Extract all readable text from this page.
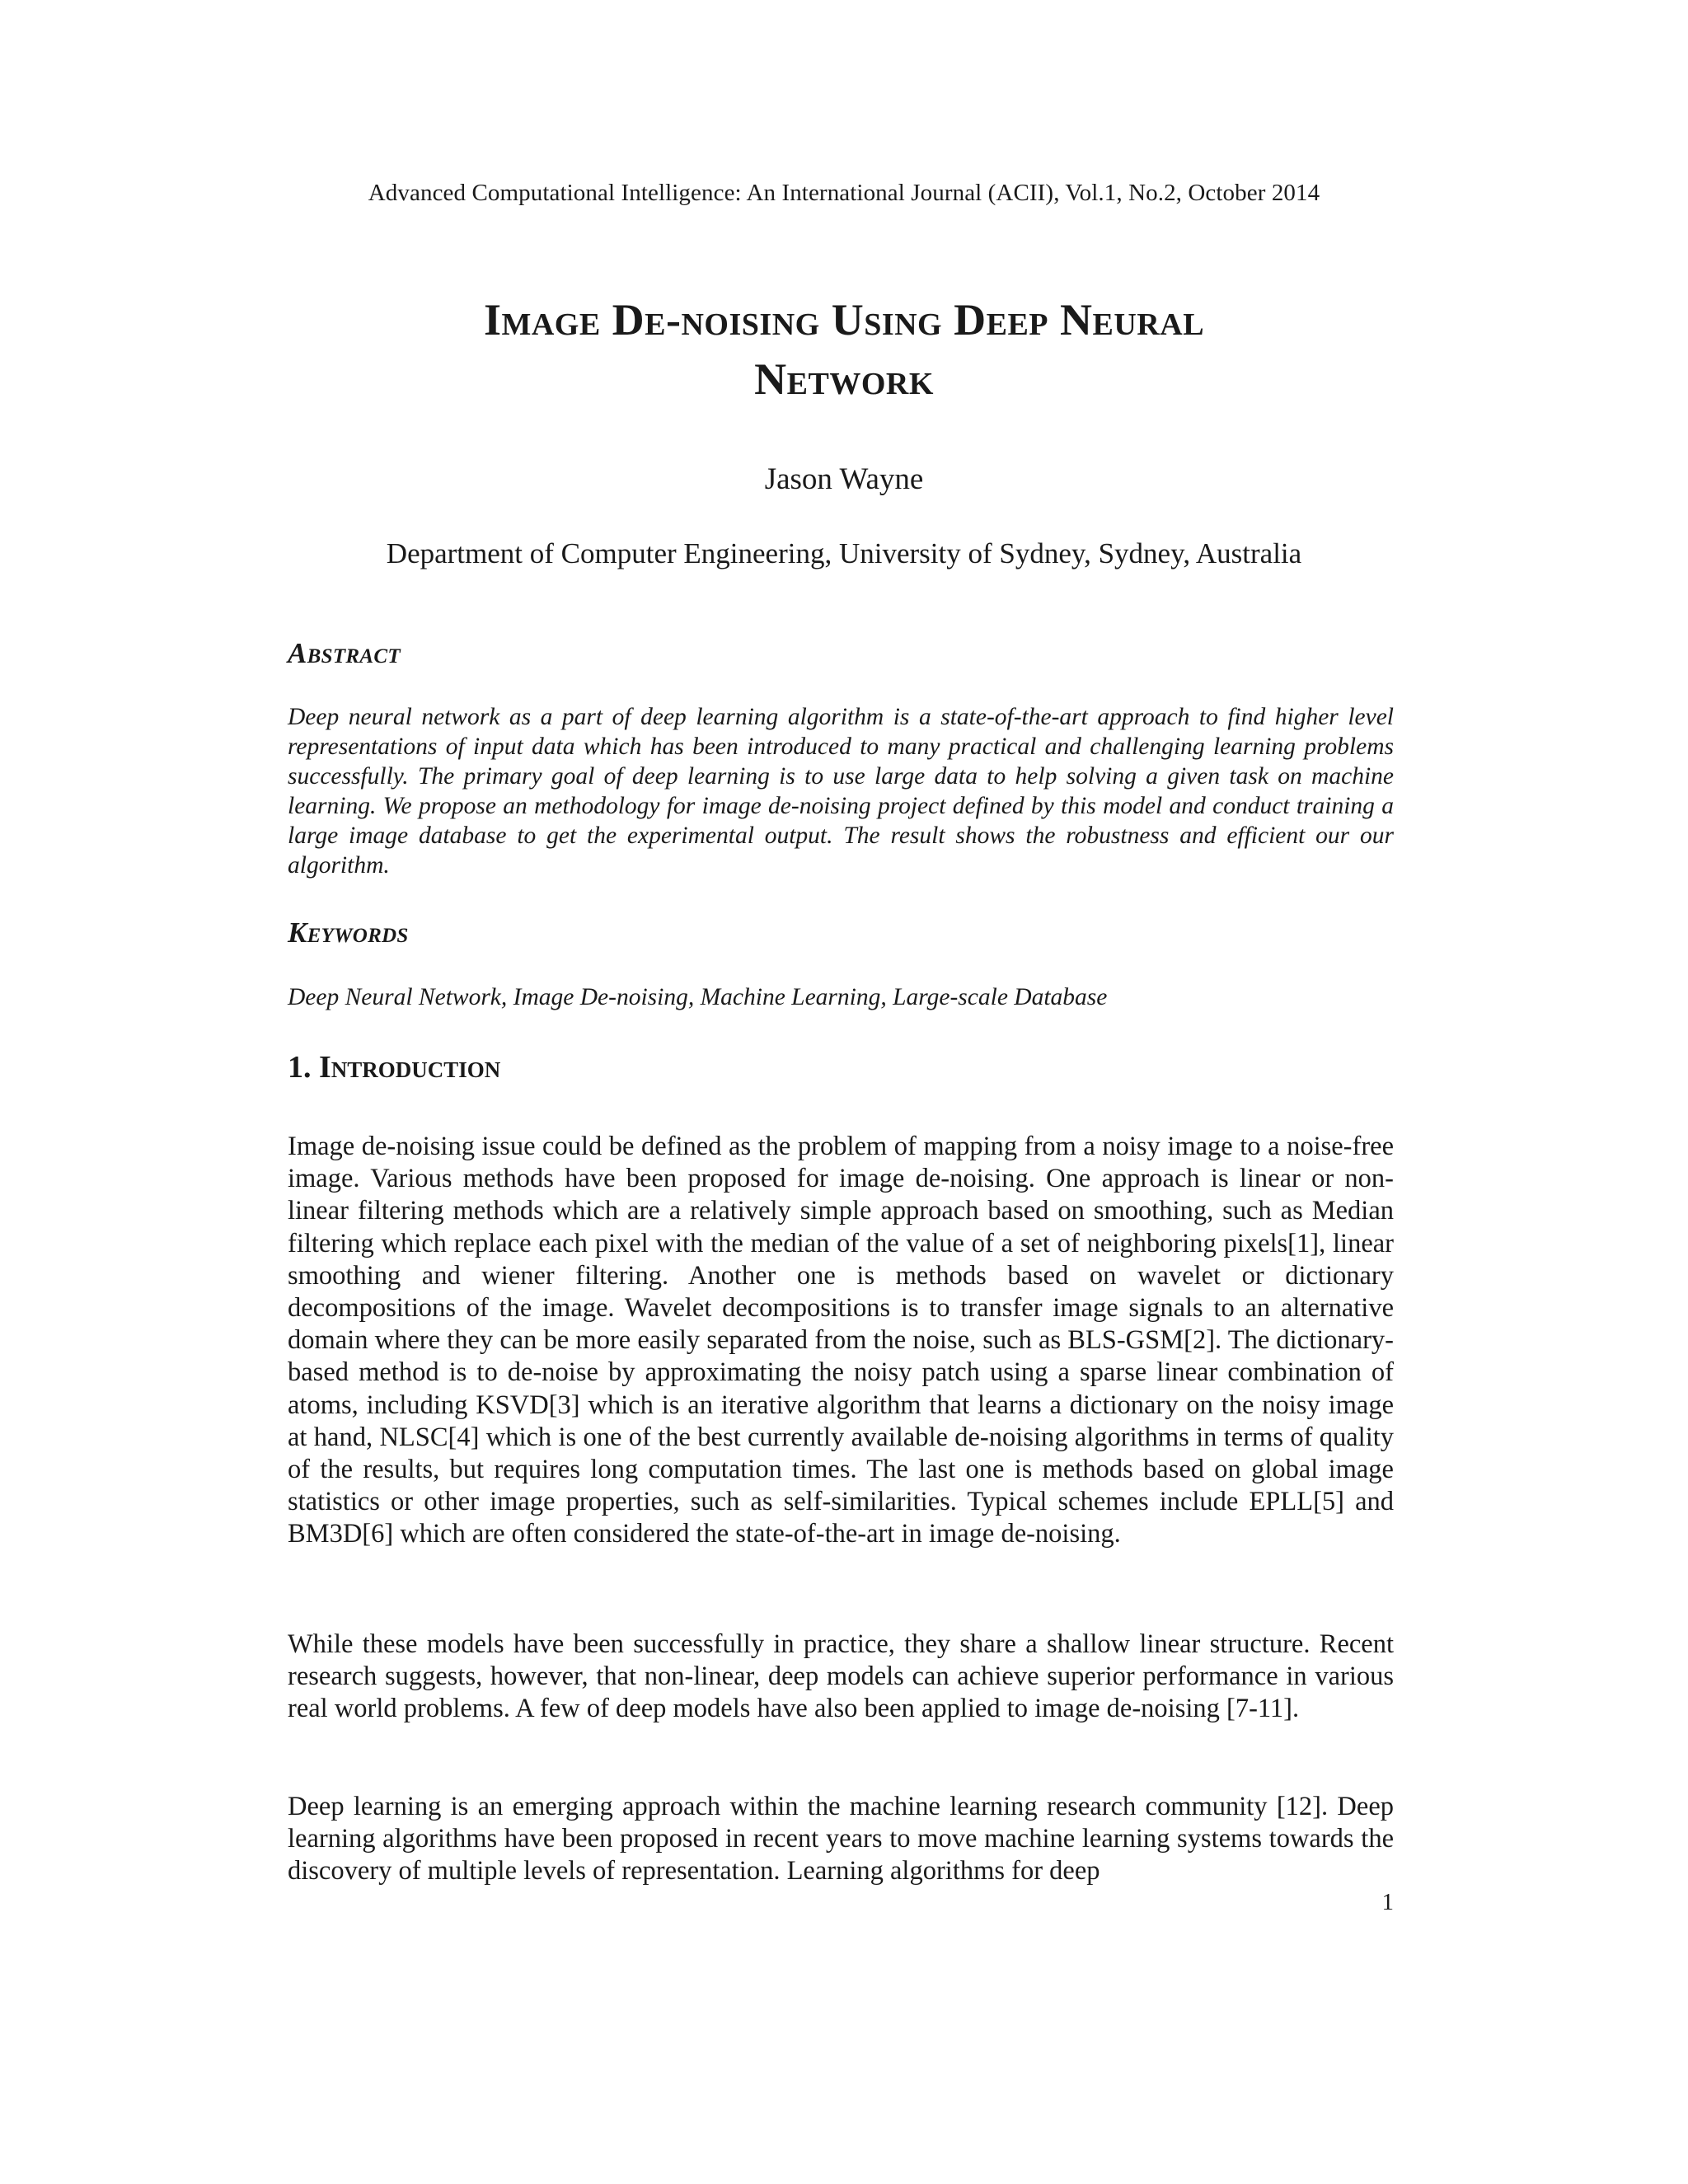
Advanced Computational Intelligence: An International Journal (ACII), Vol.1, No.2, October 2014
Image De-noising Using Deep Neural
Network
Jason Wayne
Department of Computer Engineering, University of Sydney, Sydney, Australia
Abstract
Deep neural network as a part of deep learning algorithm is a state-of-the-art approach to find higher level representations of input data which has been introduced to many practical and challenging learning problems successfully. The primary goal of deep learning is to use large data to help solving a given task on machine learning. We propose an methodology for image de-noising project defined by this model and conduct training a large image database to get the experimental output. The result shows the robustness and efficient our our algorithm.
Keywords
Deep Neural Network, Image De-noising, Machine Learning, Large-scale Database
1. Introduction
Image de-noising issue could be defined as the problem of mapping from a noisy image to a noise-free image. Various methods have been proposed for image de-noising. One approach is linear or non-linear filtering methods which are a relatively simple approach based on smoothing, such as Median filtering which replace each pixel with the median of the value of a set of neighboring pixels[1], linear smoothing and wiener filtering. Another one is methods based on wavelet or dictionary decompositions of the image. Wavelet decompositions is to transfer image signals to an alternative domain where they can be more easily separated from the noise, such as BLS-GSM[2]. The dictionary-based method is to de-noise by approximating the noisy patch using a sparse linear combination of atoms, including KSVD[3] which is an iterative algorithm that learns a dictionary on the noisy image at hand, NLSC[4] which is one of the best currently available de-noising algorithms in terms of quality of the results, but requires long computation times. The last one is methods based on global image statistics or other image properties, such as self-similarities. Typical schemes include EPLL[5] and BM3D[6] which are often considered the state-of-the-art in image de-noising.
While these models have been successfully in practice, they share a shallow linear structure. Recent research suggests, however, that non-linear, deep models can achieve superior performance in various real world problems. A few of deep models have also been applied to image de-noising [7-11].
Deep learning is an emerging approach within the machine learning research community [12]. Deep learning algorithms have been proposed in recent years to move machine learning systems towards the discovery of multiple levels of representation. Learning algorithms for deep
1
